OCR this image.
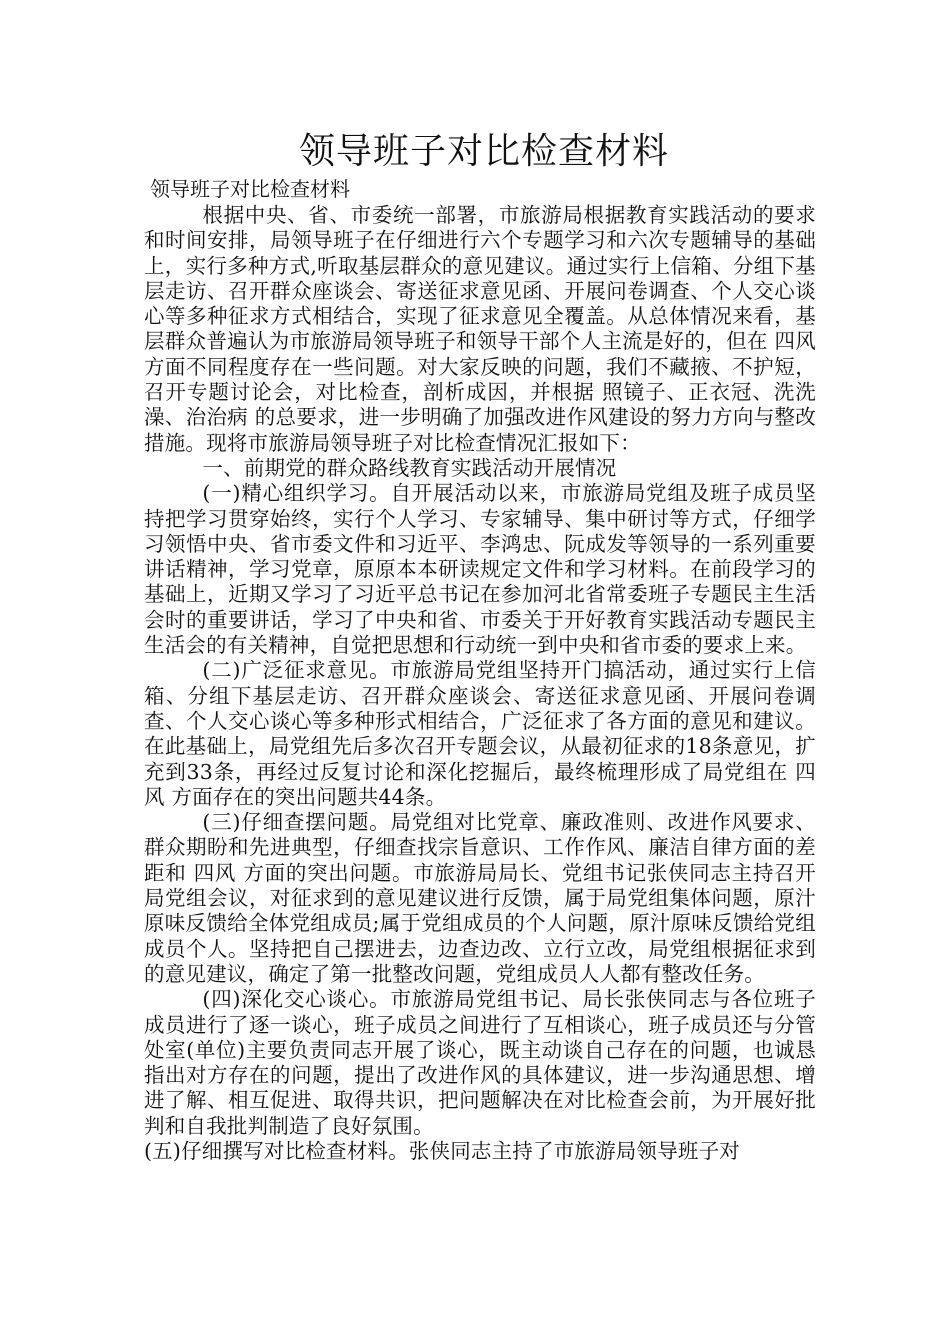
领导班子对比检查材料

领导班子对比检查材料

根据中央、省、市委统一部署，市旅游局根据教育实践活动的要求和时间安排，局领导班子在仔细进行六个专题学习和六次专题辅导的基础上，实行多种方式,听取基层群众的意见建议。通过实行上信箱、分组下基层走访、召开群众座谈会、寄送征求意见函、开展问卷调查、个人交心谈心等多种征求方式相结合，实现了征求意见全覆盖。从总体情况来看，基层群众普遍认为市旅游局领导班子和领导干部个人主流是好的，但在 四风 方面不同程度存在一些问题。对大家反映的问题，我们不藏掖、不护短，召开专题讨论会，对比检查，剖析成因，并根据 照镜子、正衣冠、洗洗澡、治治病 的总要求，进一步明确了加强改进作风建设的努力方向与整改措施。现将市旅游局领导班子对比检查情况汇报如下：

一、前期党的群众路线教育实践活动开展情况

(一)精心组织学习。自开展活动以来，市旅游局党组及班子成员坚持把学习贯穿始终，实行个人学习、专家辅导、集中研讨等方式，仔细学习领悟中央、省市委文件和习近平、李鸿忠、阮成发等领导的一系列重要讲话精神，学习党章，原原本本研读规定文件和学习材料。在前段学习的基础上，近期又学习了习近平总书记在参加河北省常委班子专题民主生活会时的重要讲话，学习了中央和省、市委关于开好教育实践活动专题民主生活会的有关精神，自觉把思想和行动统一到中央和省市委的要求上来。

(二)广泛征求意见。市旅游局党组坚持开门搞活动，通过实行上信箱、分组下基层走访、召开群众座谈会、寄送征求意见函、开展问卷调查、个人交心谈心等多种形式相结合，广泛征求了各方面的意见和建议。在此基础上，局党组先后多次召开专题会议，从最初征求的18条意见，扩充到33条，再经过反复讨论和深化挖掘后，最终梳理形成了局党组在 四风 方面存在的突出问题共44条。

(三)仔细查摆问题。局党组对比党章、廉政准则、改进作风要求、群众期盼和先进典型，仔细查找宗旨意识、工作作风、廉洁自律方面的差距和 四风 方面的突出问题。市旅游局局长、党组书记张侠同志主持召开局党组会议，对征求到的意见建议进行反馈，属于局党组集体问题，原汁原味反馈给全体党组成员;属于党组成员的个人问题，原汁原味反馈给党组成员个人。坚持把自己摆进去，边查边改、立行立改，局党组根据征求到的意见建议，确定了第一批整改问题，党组成员人人都有整改任务。

(四)深化交心谈心。市旅游局党组书记、局长张侠同志与各位班子成员进行了逐一谈心，班子成员之间进行了互相谈心，班子成员还与分管处室(单位)主要负责同志开展了谈心，既主动谈自己存在的问题，也诚恳指出对方存在的问题，提出了改进作风的具体建议，进一步沟通思想、增进了解、相互促进、取得共识，把问题解决在对比检查会前，为开展好批判和自我批判制造了良好氛围。

(五)仔细撰写对比检查材料。张侠同志主持了市旅游局领导班子对
